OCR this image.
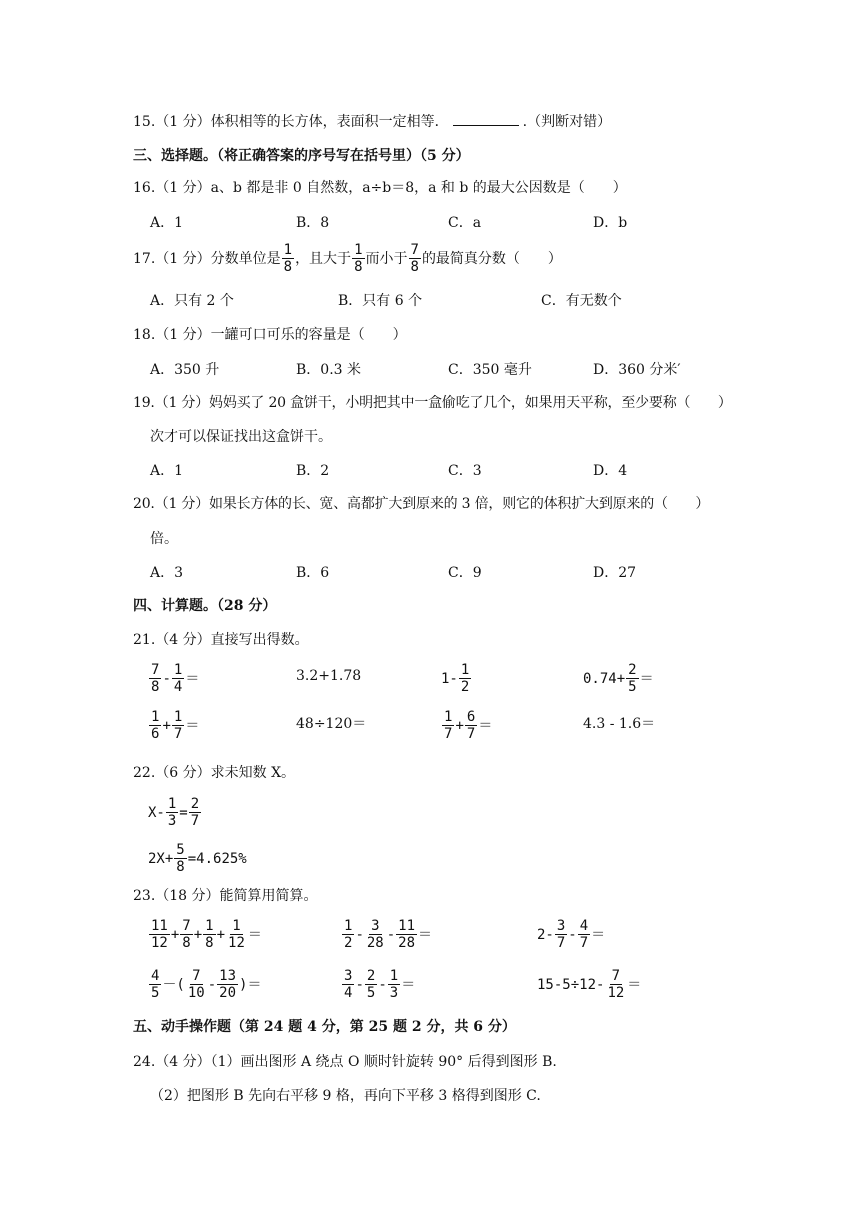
15.（1 分）体积相等的长方体，表面积一定相等．	.（判断对错）
三、选择题。（将正确答案的序号写在括号里）（5 分）
16.（1 分）a、b 都是非 0 自然数，a÷b＝8，a 和 b 的最大公因数是（　　）
A．1	B．8	C．a	D．b
17.（1 分）分数单位是 $\frac{1}{8}$ ，且大于 $\frac{1}{8}$ 而小于 $\frac{7}{8}$ 的最简真分数（　　）
A．只有 2 个	B．只有 6 个	C．有无数个
18.（1 分）一罐可口可乐的容量是（　　）
A．350 升	B．0.3 米	C．350 毫升	D．360 分米′
19.（1 分）妈妈买了 20 盒饼干，小明把其中一盒偷吃了几个，如果用天平称，至少要称（　　）
次才可以保证找出这盒饼干。
A．1	B．2	C．3	D．4
20.（1 分）如果长方体的长、宽、高都扩大到原来的 3 倍，则它的体积扩大到原来的（　　）
倍。
A．3	B．6	C．9	D．27
四、计算题。（28 分）
21.（4 分）直接写出得数。
$\frac{7}{8} - \frac{1}{4}$ ＝	3.2+1.78	$1- \frac{1}{2}$	$0.74+ \frac{2}{5}$ ＝
$\frac{1}{6} + \frac{1}{7}$ ＝	48÷120＝	$\frac{1}{7} + \frac{6}{7}$ ＝	4.3 - 1.6＝
22.（6 分）求未知数 X。
$X- \frac{1}{3} = \frac{2}{7}$
$2X+ \frac{5}{8} =4.625\%$
23.（18 分）能简算用简算。
$\frac{11}{12} + \frac{7}{8} + \frac{1}{8} + \frac{1}{12}$ ＝	$\frac{1}{2} - \frac{3}{28} - \frac{11}{28}$ ＝	$2- \frac{3}{7} - \frac{4}{7}$ ＝
$\frac{4}{5}$ －( $\frac{7}{10} - \frac{13}{20}$ )＝	$\frac{3}{4} - \frac{2}{5} - \frac{1}{3}$ ＝	$15-5\div 12- \frac{7}{12}$ ＝
五、动手操作题（第 24 题 4 分，第 25 题 2 分，共 6 分）
24.（4 分）（1）画出图形 A 绕点 O 顺时针旋转 90° 后得到图形 B.
（2）把图形 B 先向右平移 9 格，再向下平移 3 格得到图形 C.
